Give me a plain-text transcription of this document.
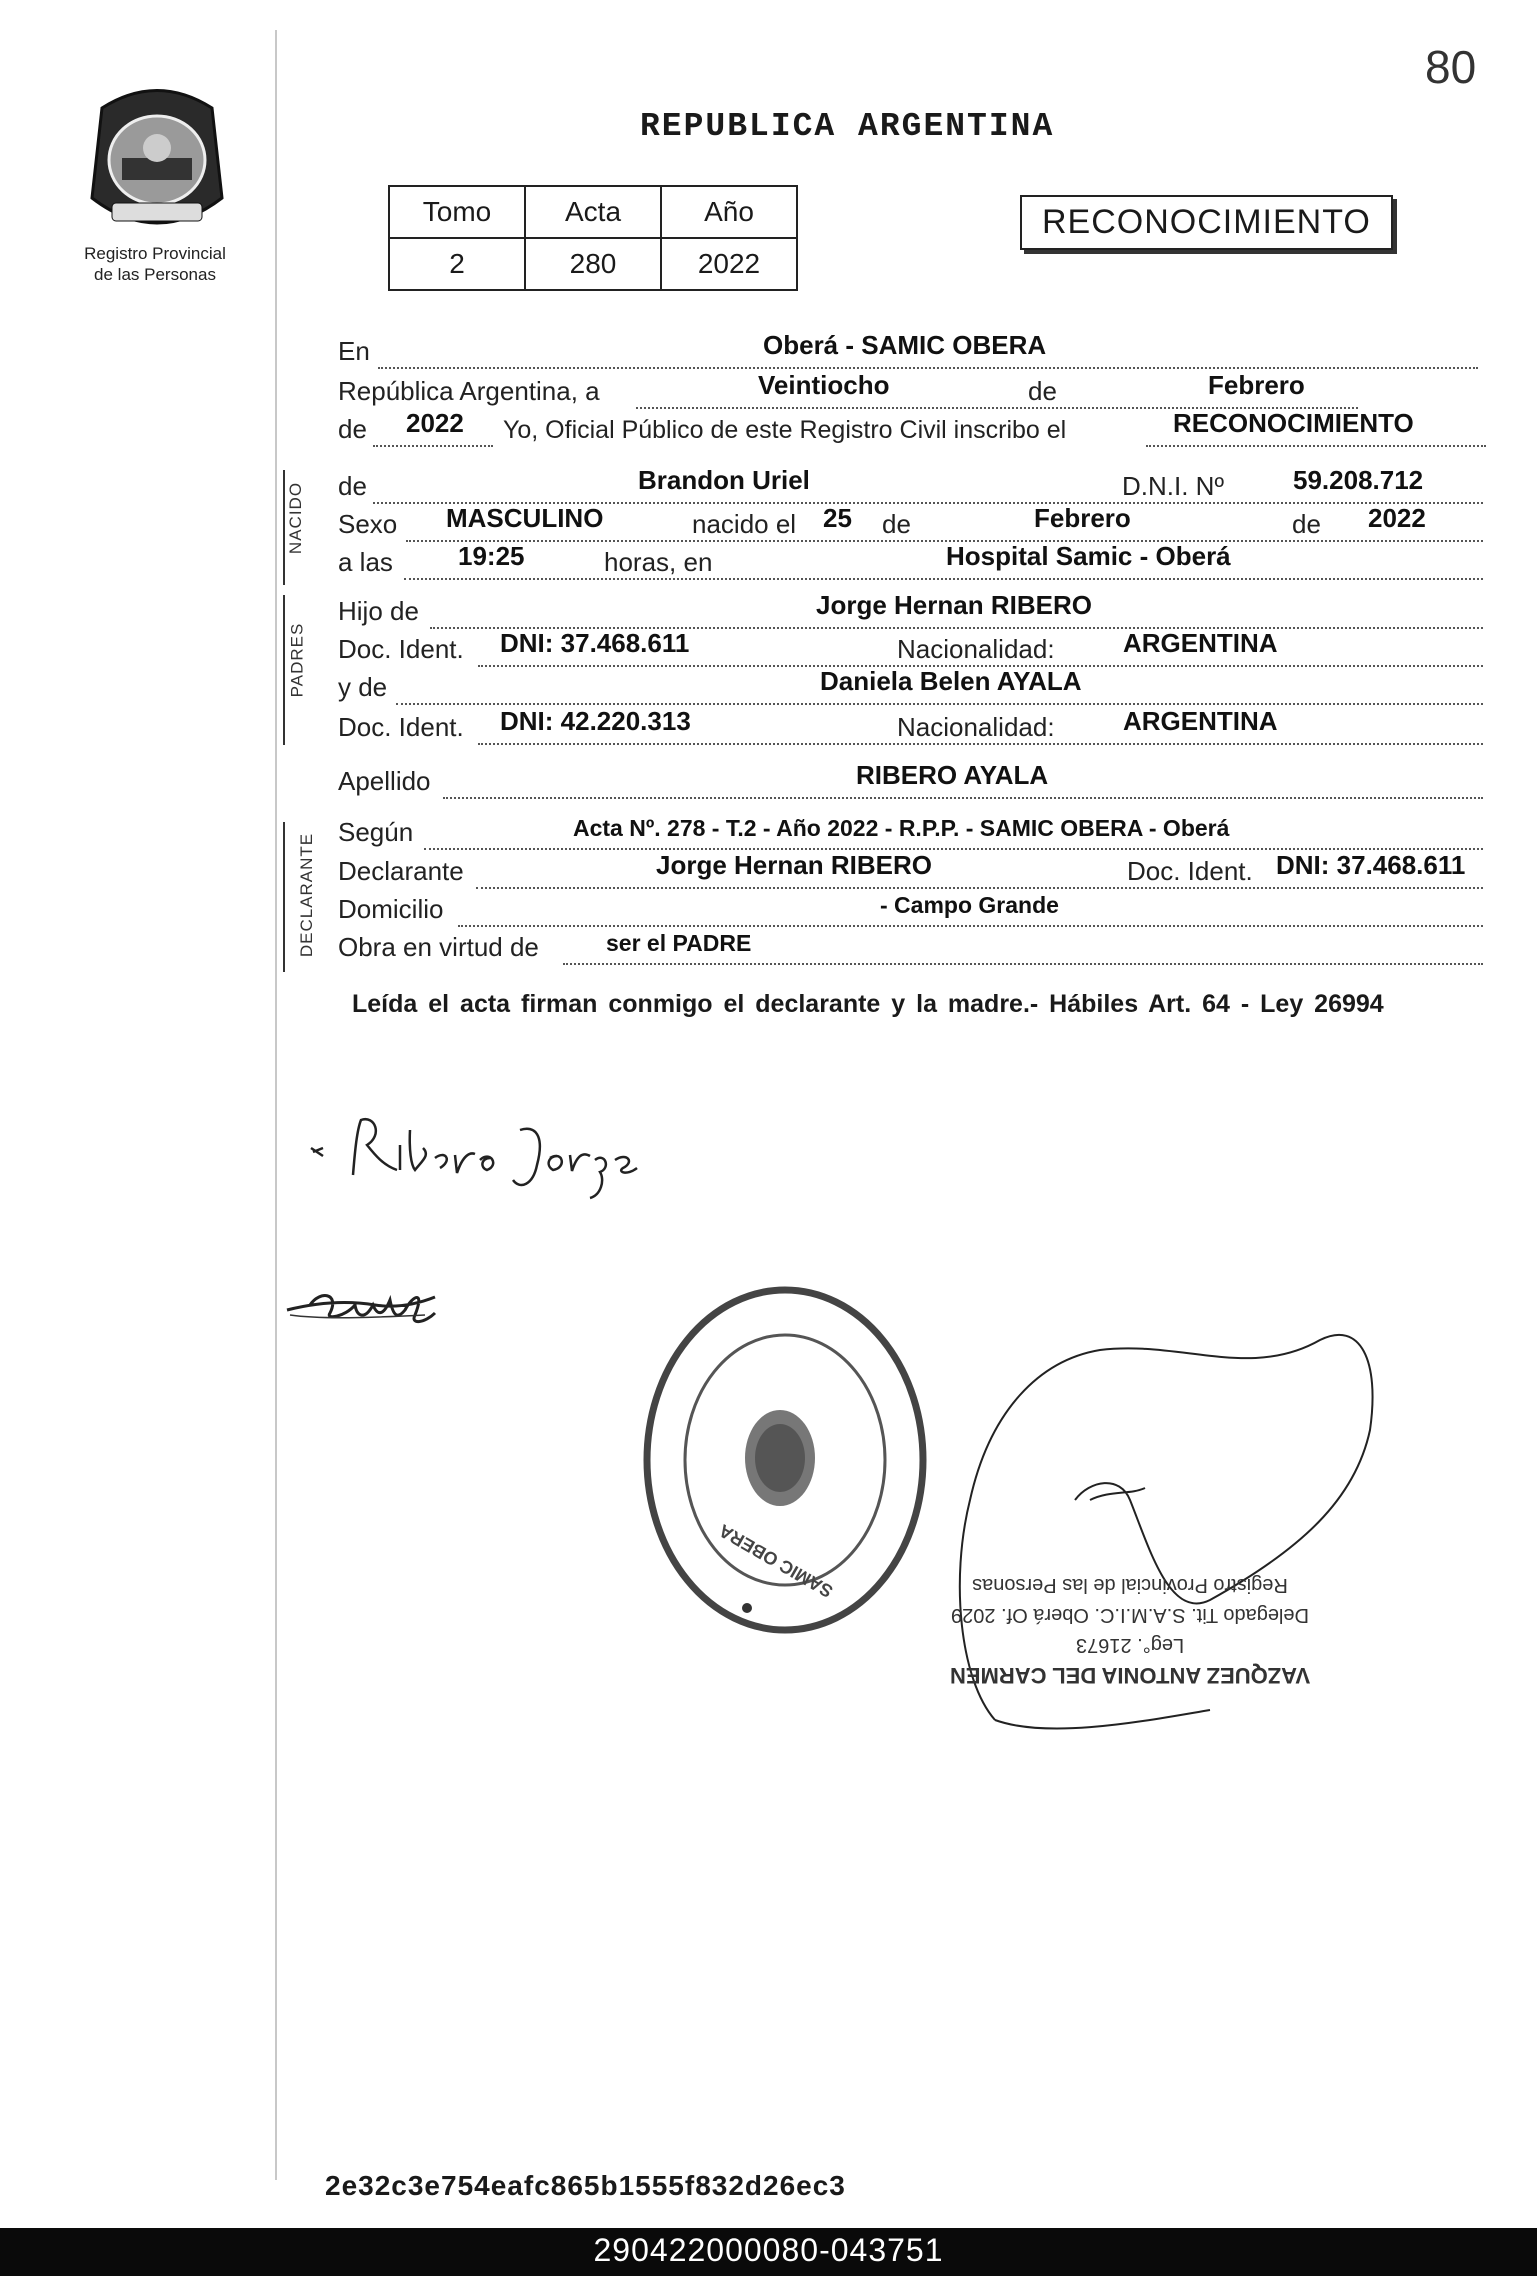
80
Registro Provincial
de las Personas
REPUBLICA ARGENTINA
Tomo	Acta	Año
2	280	2022
RECONOCIMIENTO
En	Oberá - SAMIC OBERA
República Argentina, a	Veintiocho	de	Febrero
de 2022 Yo, Oficial Público de este Registro Civil inscribo el	RECONOCIMIENTO
NACIDO de	Brandon Uriel	D.N.I. Nº	59.208.712
Sexo MASCULINO	nacido el 25 de	Febrero	de 2022
a las	19:25	horas, en	Hospital Samic - Oberá
PADRES
Hijo de	Jorge Hernan RIBERO
Doc. Ident. DNI: 37.468.611	Nacionalidad:	ARGENTINA
y de	Daniela Belen AYALA
Doc. Ident. DNI: 42.220.313	Nacionalidad:	ARGENTINA
Apellido	RIBERO AYALA
DECLARANTE
Según	Acta Nº. 278 - T.2 - Año 2022 - R.P.P. - SAMIC OBERA - Oberá
Declarante	Jorge Hernan RIBERO	Doc. Ident. DNI: 37.468.611
Domicilio	- Campo Grande
Obra en virtud de	ser el PADRE
Leída el acta firman conmigo el declarante y la madre.- Hábiles Art. 64 - Ley 26994
SAMIC OBERA
VAZQUEZ ANTONIA DEL CARMEN
Leg°. 21673
Delegado Tit. S.A.M.I.C. Oberá Of. 2029
Registro Provincial de las Personas
2e32c3e754eafc865b1555f832d26ec3
290422000080-043751
